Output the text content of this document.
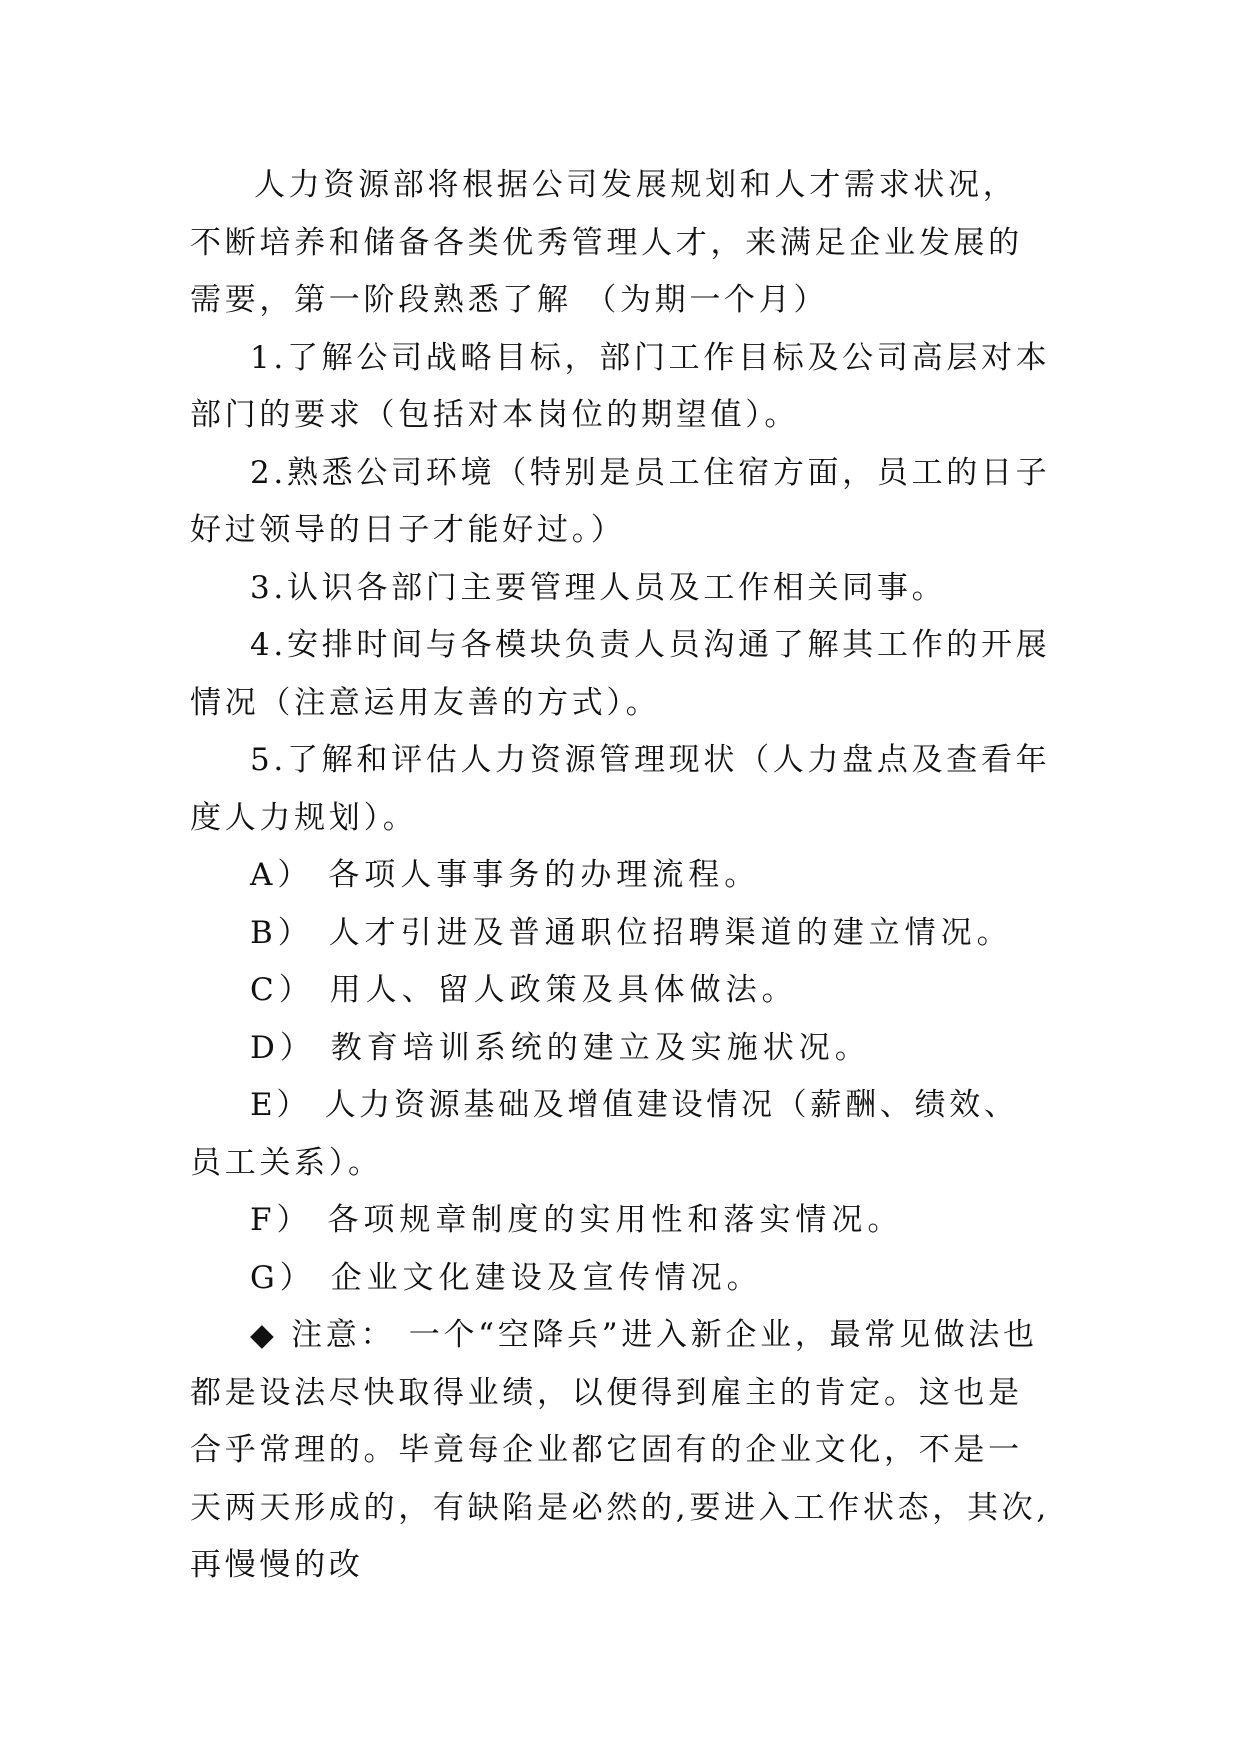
人力资源部将根据公司发展规划和人才需求状况，不断培养和储备各类优秀管理人才，来满足企业发展的需要，第一阶段熟悉了解 （为期一个月）

1.了解公司战略目标，部门工作目标及公司高层对本部门的要求（包括对本岗位的期望值）。

2.熟悉公司环境（特别是员工住宿方面，员工的日子好过领导的日子才能好过。）

3.认识各部门主要管理人员及工作相关同事。

4.安排时间与各模块负责人员沟通了解其工作的开展情况（注意运用友善的方式）。

5.了解和评估人力资源管理现状（人力盘点及查看年度人力规划）。

A） 各项人事事务的办理流程。

B） 人才引进及普通职位招聘渠道的建立情况。

C） 用人、留人政策及具体做法。

D） 教育培训系统的建立及实施状况。

E） 人力资源基础及增值建设情况（薪酬、绩效、员工关系）。

F） 各项规章制度的实用性和落实情况。

G） 企业文化建设及宣传情况。

◆ 注意： 一个“空降兵”进入新企业，最常见做法也都是设法尽快取得业绩，以便得到雇主的肯定。这也是合乎常理的。毕竟每企业都它固有的企业文化，不是一天两天形成的，有缺陷是必然的,要进入工作状态，其次,再慢慢的改
